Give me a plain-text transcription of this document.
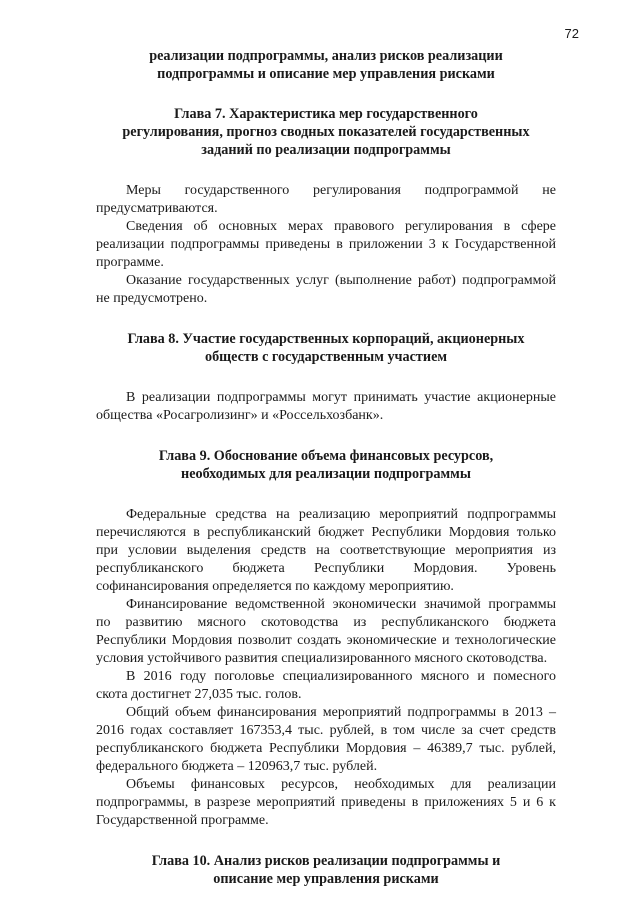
72
реализации подпрограммы, анализ рисков реализации
подпрограммы и описание мер управления рисками
Глава 7. Характеристика мер государственного
регулирования, прогноз сводных показателей государственных
заданий по реализации подпрограммы

Меры государственного регулирования подпрограммой не предусматриваются.

Сведения об основных мерах правового регулирования в сфере реализации подпрограммы приведены в приложении 3 к Государственной программе.

Оказание государственных услуг (выполнение работ) подпрограммой не предусмотрено.

Глава 8. Участие государственных корпораций, акционерных
обществ с государственным участием

В реализации подпрограммы могут принимать участие акционерные общества «Росагролизинг» и «Россельхозбанк».

Глава 9. Обоснование объема финансовых ресурсов,
необходимых для реализации подпрограммы

Федеральные средства на реализацию мероприятий подпрограммы перечисляются в республиканский бюджет Республики Мордовия только при условии выделения средств на соответствующие мероприятия из республиканского бюджета Республики Мордовия. Уровень софинансирования определяется по каждому мероприятию.

Финансирование ведомственной экономически значимой программы по развитию мясного скотоводства из республиканского бюджета Республики Мордовия позволит создать экономические и технологические условия устойчивого развития специализированного мясного скотоводства.

В 2016 году поголовье специализированного мясного и помесного скота достигнет 27,035 тыс. голов.

Общий объем финансирования мероприятий подпрограммы в 2013 – 2016 годах составляет 167353,4 тыс. рублей, в том числе за счет средств республиканского бюджета Республики Мордовия – 46389,7 тыс. рублей, федерального бюджета – 120963,7 тыс. рублей.

Объемы финансовых ресурсов, необходимых для реализации подпрограммы, в разрезе мероприятий приведены в приложениях 5 и 6 к Государственной программе.

Глава 10. Анализ рисков реализации подпрограммы и
описание мер управления рисками
